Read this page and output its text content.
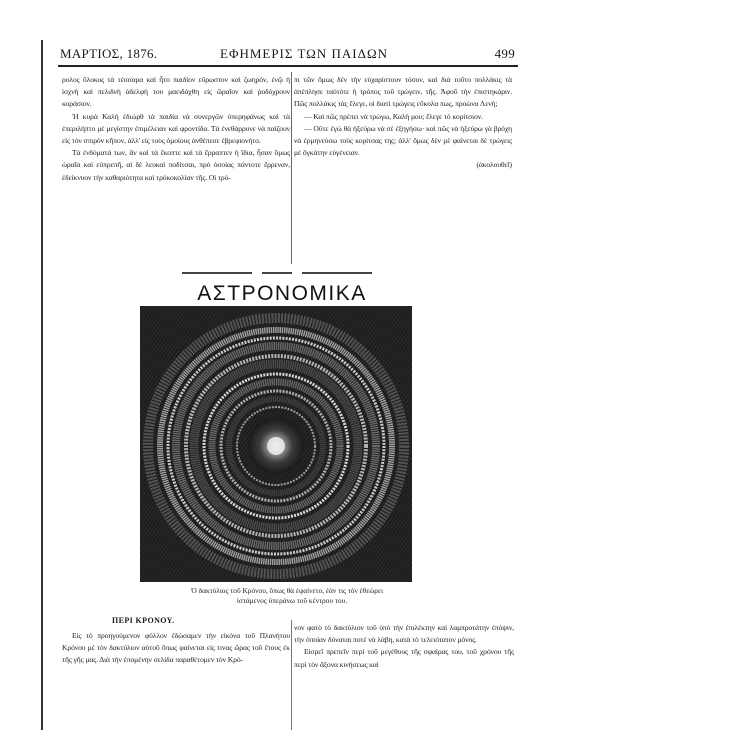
ΜΑΡΤΙΟΣ, 1876.	ΕΦΗΜΕΡΙΣ ΤΩΝ ΠΑΙΔΩΝ	499

ρολος ὅλοκος τὰ τέσσαρα καὶ ἦτο παιδίον εὔρωστον καὶ ζωηρόν, ἐνῷ ἡ ἰσχνὴ καὶ πελιδνὴ ἀδελφή του μαειδάχθη εἰς ὥραῖον καὶ ῥοδόχρουν κοράσιον.

Ἡ κυρὰ Καλὴ ἐδιώρθ τὰ παιδία νὰ συνεργῶν ὑπερηφάνως καὶ τὰ ἐπεριλήπτο μὲ μεγίστην ἐπιμέλειαν καὶ φροντίδα. Τὰ ἐνεθάρρυνε νὰ παίζουν εἰς τὸν σπιρὸν κῆπον, ἀλλ' εἰς τοὺς ὁμοίους ἀνθέπεσε ἐβρεφιονήτο.

Τὰ ἐνδύματά των, ἂν καὶ τὰ ἔκοπτε καὶ τὰ ἔρραπτεν ἡ ἴδια, ἦσαν ὅμως ὡραῖα καὶ εὐπρεπῆ, αἱ δὲ λευκαὶ ποδίτσαι, πρὸ ὀσοίας πάντοτε ἔρρεναν, ἐδείκνυον τὴν καθαριότητα καὶ τρόκοκολίαν τῆς. Οἱ τρό-

πι τῶν ὅμως δὲν τὴν εὐχαρίστουν τόσον, καὶ διὰ τοῦτο πολλάκις τὰ ἀπέπλησε ταὐτότε ἡ τρόπος τοῦ τρώγειν, τῆς. Ἀφοῦ τὴν ἐπιστηκάριν. Πῶς πολλάκις τὰς ἔλεγε, οἱ διατὶ τρώγεις εὔκολα πως, προώνα Λενή;

— Καὶ πῶς πρέπει νὰ τρώγω, Καλὴ μου; ἔλεγε τὸ κορίτσιον.

— Οὕτε ἐγὼ θὰ ἠξεύρω νὰ σὲ ἐξηγήσω· καὶ πῶς νὰ ἠξεύρω γὰ βρόχη νὰ ἑρμηνεύσω τοὺς κορίτσας της; ἀλλ' ὅμως δὲν μὲ φαίνεται δὲ τρώγεις μὲ ὅγκάτην εὐγένειαν.

(ἀκολουθεῖ)

ΑΣΤΡΟΝΟΜΙΚΑ
Ὁ δακτύλιος τοῦ Κρόνου, ὅπως θὰ ἐφαίνετο, ἐὰν τις τὸν ἐθεώρει
ἱστάμενος ὑπεράνω τοῦ κέντρου του.
ΠΕΡΙ ΚΡΟΝΟΥ.

Εἰς τὸ προηγούμενον φύλλον ἐδώσαμεν τὴν εἰκόνα τοῦ Πλανήτου Κρόνου μὲ τὸν δακτύλιον αὐτοῦ ὅπως φαίνεται εἰς τινας ὥρας τοῦ ἔτους ἐκ τῆς γῆς μας. Διὰ τὴν ἐπομένην σελίδα παραθέτομεν τὸν Κρό-

νον φατὸ τὸ δακτύλιον τοῦ ὑπὸ τὴν ἐπιλέκτην καὶ λαμπροτάτην ἐπόψιν, τὴν ὁποίαν δύναται ποτὲ νὰ λάβη, κατὰ τὸ τελειότατον μόνος.

Εἰσρεῖ πρεπεῖν περὶ τοῦ μεγέθους τῆς σφαίρας του, τοῦ χρόνου τῆς περὶ τὸν ἄξονα κινήσεως καὶ
